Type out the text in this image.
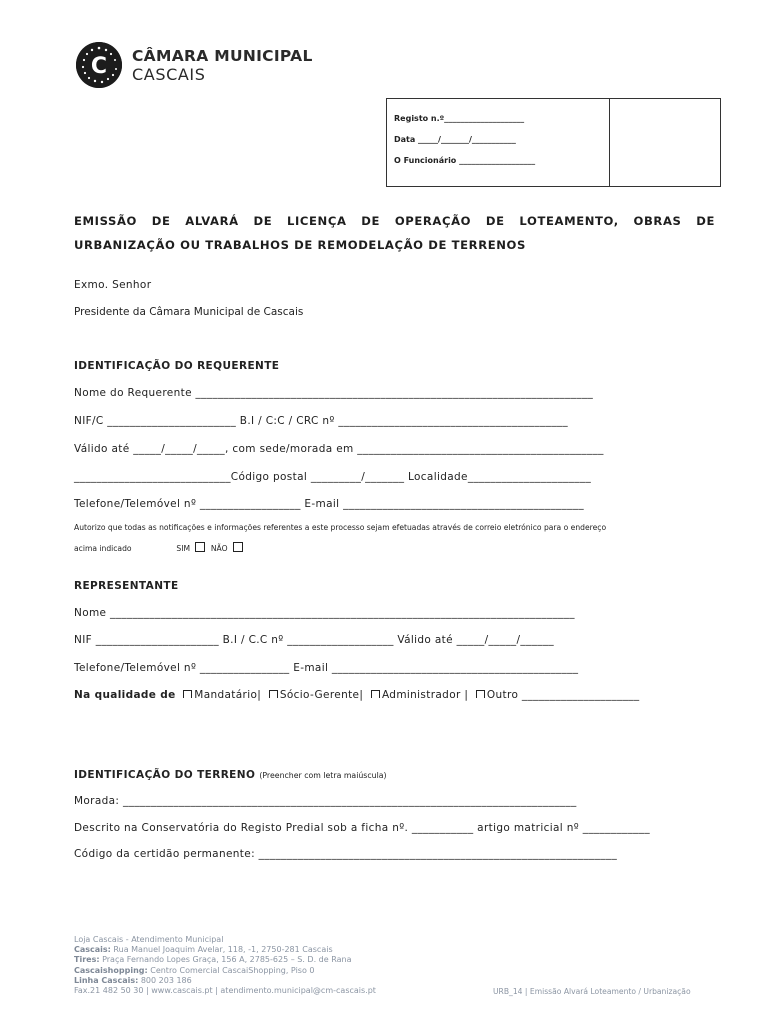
C CÂMARA MUNICIPAL
CASCAIS
Registo n.º____________________
Data _____/_______/___________
O Funcionário ___________________
EMISSÃO DE ALVARÁ DE LICENÇA DE OPERAÇÃO DE LOTEAMENTO, OBRAS DE URBANIZAÇÃO OU TRABALHOS DE REMODELAÇÃO DE TERRENOS
Exmo. Senhor
Presidente da Câmara Municipal de Cascais
IDENTIFICAÇÃO DO REQUERENTE
Nome do Requerente _______________________________________________________________________
NIF/C _______________________ B.I / C:C / CRC nº _________________________________________
Válido até _____/_____/_____, com sede/morada em ____________________________________________
____________________________Código postal _________/_______ Localidade______________________
Telefone/Telemóvel nº __________________ E-mail ___________________________________________
Autorizo que todas as notificações e informações referentes a este processo sejam efetuadas através de correio eletrónico para o endereço
acima indicado	SIM	NÃO
REPRESENTANTE
Nome ___________________________________________________________________________________
NIF ______________________ B.I / C.C nº ___________________ Válido até _____/_____/______
Telefone/Telemóvel nº ________________ E-mail ____________________________________________
Na qualidade de Mandatário| Sócio-Gerente| Administrador | Outro _____________________
IDENTIFICAÇÃO DO TERRENO (Preencher com letra maiúscula)
Morada: _________________________________________________________________________________
Descrito na Conservatória do Registo Predial sob a ficha nº. ___________ artigo matricial nº ____________
Código da certidão permanente: ________________________________________________________________
Loja Cascais - Atendimento Municipal
Cascais: Rua Manuel Joaquim Avelar, 118, -1, 2750-281 Cascais
Tires: Praça Fernando Lopes Graça, 156 A, 2785-625 – S. D. de Rana
Cascaishopping: Centro Comercial CascaiShopping, Piso 0
Linha Cascais: 800 203 186
Fax.21 482 50 30 | www.cascais.pt | atendimento.municipal@cm-cascais.pt	URB_14 | Emissão Alvará Loteamento / Urbanização
